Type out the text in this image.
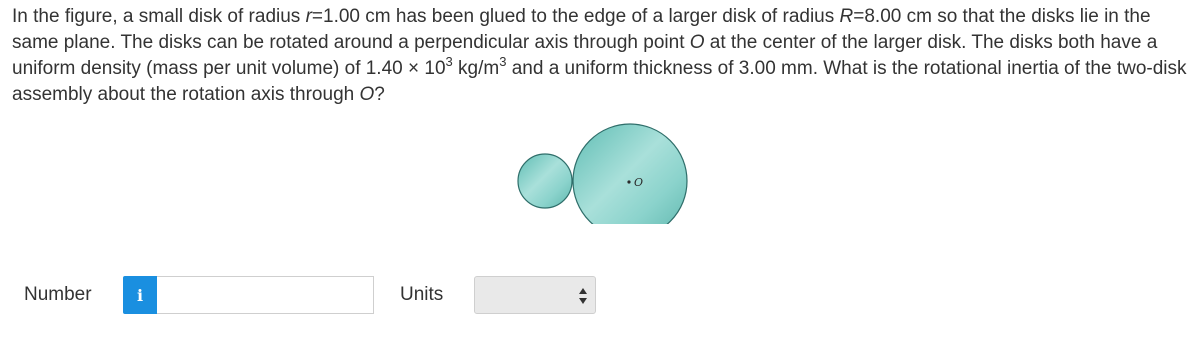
In the figure, a small disk of radius r=1.00 cm has been glued to the edge of a larger disk of radius R=8.00 cm so that the disks lie in the same plane. The disks can be rotated around a perpendicular axis through point O at the center of the larger disk. The disks both have a uniform density (mass per unit volume) of $1.40 \times 10^3$ $kg/m^3$ and a uniform thickness of 3.00 mm. What is the rotational inertia of the two-disk assembly about the rotation axis through O?
O
Number	i	Units
